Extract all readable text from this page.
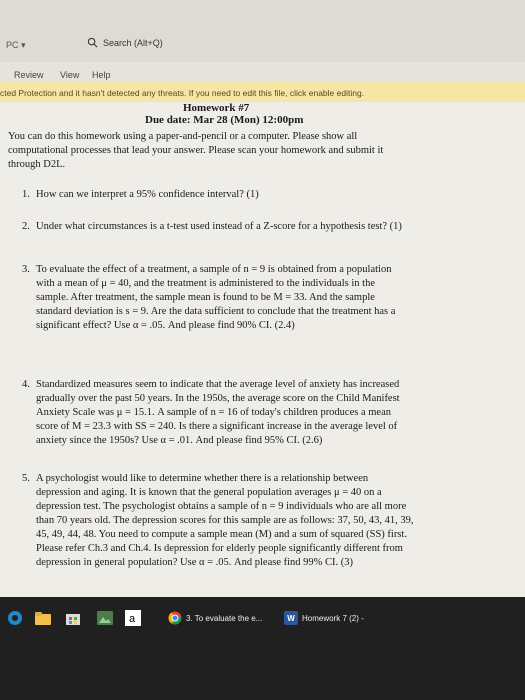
PC ▾	Search (Alt+Q)
Review View Help
cted Protection and it hasn't detected any threats. If you need to edit this file, click enable editing.
Homework #7
Due date: Mar 28 (Mon) 12:00pm
You can do this homework using a paper-and-pencil or a computer. Please show all
computational processes that lead your answer. Please scan your homework and submit it
through D2L.
1. How can we interpret a 95% confidence interval? (1)
2. Under what circumstances is a t-test used instead of a Z-score for a hypothesis test? (1)
3. To evaluate the effect of a treatment, a sample of n = 9 is obtained from a population
with a mean of μ = 40, and the treatment is administered to the individuals in the
sample. After treatment, the sample mean is found to be M = 33. And the sample
standard deviation is s = 9. Are the data sufficient to conclude that the treatment has a
significant effect? Use α = .05. And please find 90% CI. (2.4)
4. Standardized measures seem to indicate that the average level of anxiety has increased
gradually over the past 50 years. In the 1950s, the average score on the Child Manifest
Anxiety Scale was μ = 15.1. A sample of n = 16 of today's children produces a mean
score of M = 23.3 with SS = 240. Is there a significant increase in the average level of
anxiety since the 1950s? Use α = .01. And please find 95% CI. (2.6)
5. A psychologist would like to determine whether there is a relationship between
depression and aging. It is known that the general population averages μ = 40 on a
depression test. The psychologist obtains a sample of n = 9 individuals who are all more
than 70 years old. The depression scores for this sample are as follows: 37, 50, 43, 41, 39,
45, 49, 44, 48. You need to compute a sample mean (M) and a sum of squared (SS) first.
Please refer Ch.3 and Ch.4. Is depression for elderly people significantly different from
depression in general population? Use α = .05. And please find 99% CI. (3)
a	3. To evaluate the e...	W Homework 7 (2) -
